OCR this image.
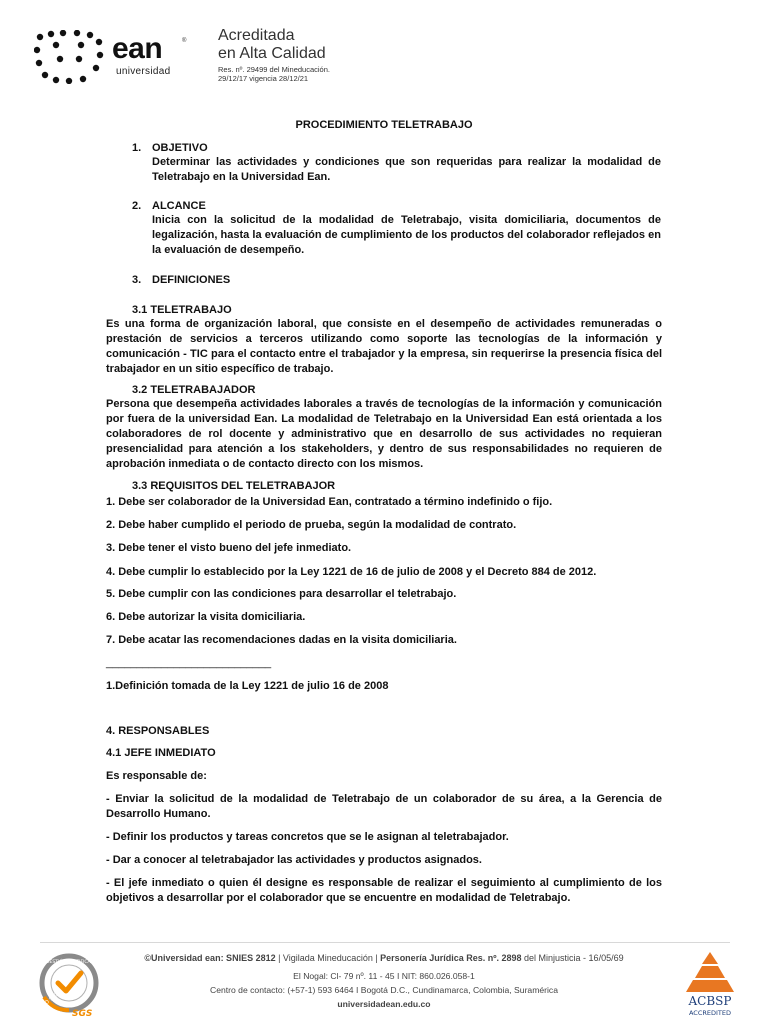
ean	®
universidad
Acreditada
en Alta Calidad
Res. nº. 29499 del Mineducación.
29/12/17 vigencia 28/12/21
PROCEDIMIENTO TELETRABAJO
1. OBJETIVO
Determinar las actividades y condiciones que son requeridas para realizar la modalidad de Teletrabajo en la Universidad Ean.
2. ALCANCE
Inicia con la solicitud de la modalidad de Teletrabajo, visita domiciliaria, documentos de legalización, hasta la evaluación de cumplimiento de los productos del colaborador reflejados en la evaluación de desempeño.
3. DEFINICIONES
3.1 TELETRABAJO
Es una forma de organización laboral, que consiste en el desempeño de actividades remuneradas o prestación de servicios a terceros utilizando como soporte las tecnologías de la información y comunicación - TIC para el contacto entre el trabajador y la empresa, sin requerirse la presencia física del trabajador en un sitio específico de trabajo.
3.2 TELETRABAJADOR
Persona que desempeña actividades laborales a través de tecnologías de la información y comunicación por fuera de la universidad Ean. La modalidad de Teletrabajo en la Universidad Ean está orientada a los colaboradores de rol docente y administrativo que en desarrollo de sus actividades no requieran presencialidad para atención a los stakeholders, y dentro de sus responsabilidades no requieren de aprobación inmediata o de contacto directo con los mismos.
3.3 REQUISITOS DEL TELETRABAJOR
1. Debe ser colaborador de la Universidad Ean, contratado a término indefinido o fijo.
2. Debe haber cumplido el periodo de prueba, según la modalidad de contrato.
3. Debe tener el visto bueno del jefe inmediato.
4. Debe cumplir lo establecido por la Ley 1221 de 16 de julio de 2008 y el Decreto 884 de 2012.
5. Debe cumplir con las condiciones para desarrollar el teletrabajo.
6. Debe autorizar la visita domiciliaria.
7. Debe acatar las recomendaciones dadas en la visita domiciliaria.
___________________________
1.Definición tomada de la Ley 1221 de julio 16 de 2008
4. RESPONSABLES
4.1 JEFE INMEDIATO
Es responsable de:
- Enviar la solicitud de la modalidad de Teletrabajo de un colaborador de su área, a la Gerencia de Desarrollo Humano.
- Definir los productos y tareas concretos que se le asignan al teletrabajador.
- Dar a conocer al teletrabajador las actividades y productos asignados.
- El jefe inmediato o quien él designe es responsable de realizar el seguimiento al cumplimiento de los objetivos a desarrollar por el colaborador que se encuentre en modalidad de Teletrabajo.
GESTIÓN CERTIFICADA
ISO 9001
SGS
©Universidad ean: SNIES 2812 | Vigilada Mineducación | Personería Jurídica Res. nº. 2898 del Minjusticia - 16/05/69
El Nogal: Cl- 79 nº. 11 - 45 I NIT: 860.026.058-1
Centro de contacto: (+57-1) 593 6464 I Bogotá D.C., Cundinamarca, Colombia, Suramérica
universidadean.edu.co	ACBSP
ACCREDITED
